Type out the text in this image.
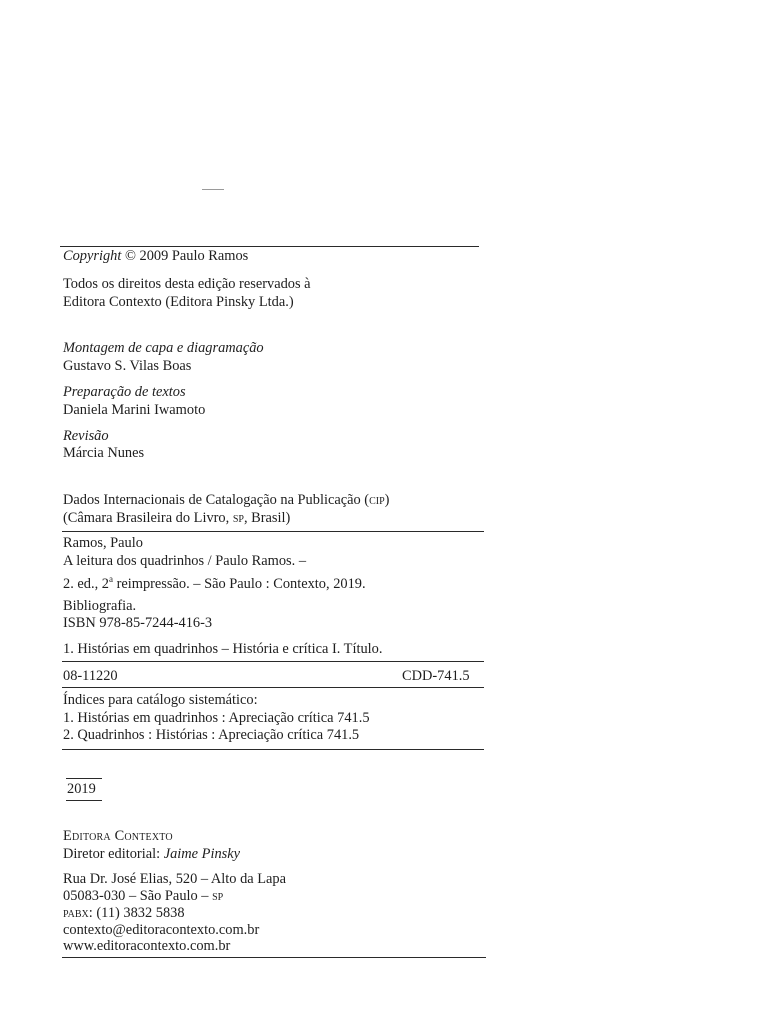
Copyright © 2009 Paulo Ramos
Todos os direitos desta edição reservados à
Editora Contexto (Editora Pinsky Ltda.)
Montagem de capa e diagramação
Gustavo S. Vilas Boas
Preparação de textos
Daniela Marini Iwamoto
Revisão
Márcia Nunes
Dados Internacionais de Catalogação na Publicação (cip)
(Câmara Brasileira do Livro, sp, Brasil)
Ramos, Paulo
A leitura dos quadrinhos / Paulo Ramos. –
2. ed., 2$^a$ reimpressão. – São Paulo : Contexto, 2019.
Bibliografia.
ISBN 978-85-7244-416-3
1. Histórias em quadrinhos – História e crítica I. Título.
08-11220	CDD-741.5
Índices para catálogo sistemático:
1. Histórias em quadrinhos : Apreciação crítica 741.5
2. Quadrinhos : Histórias : Apreciação crítica 741.5
2019
Editora Contexto
Diretor editorial: Jaime Pinsky
Rua Dr. José Elias, 520 – Alto da Lapa
05083-030 – São Paulo – sp
pabx: (11) 3832 5838
contexto@editoracontexto.com.br
www.editoracontexto.com.br
